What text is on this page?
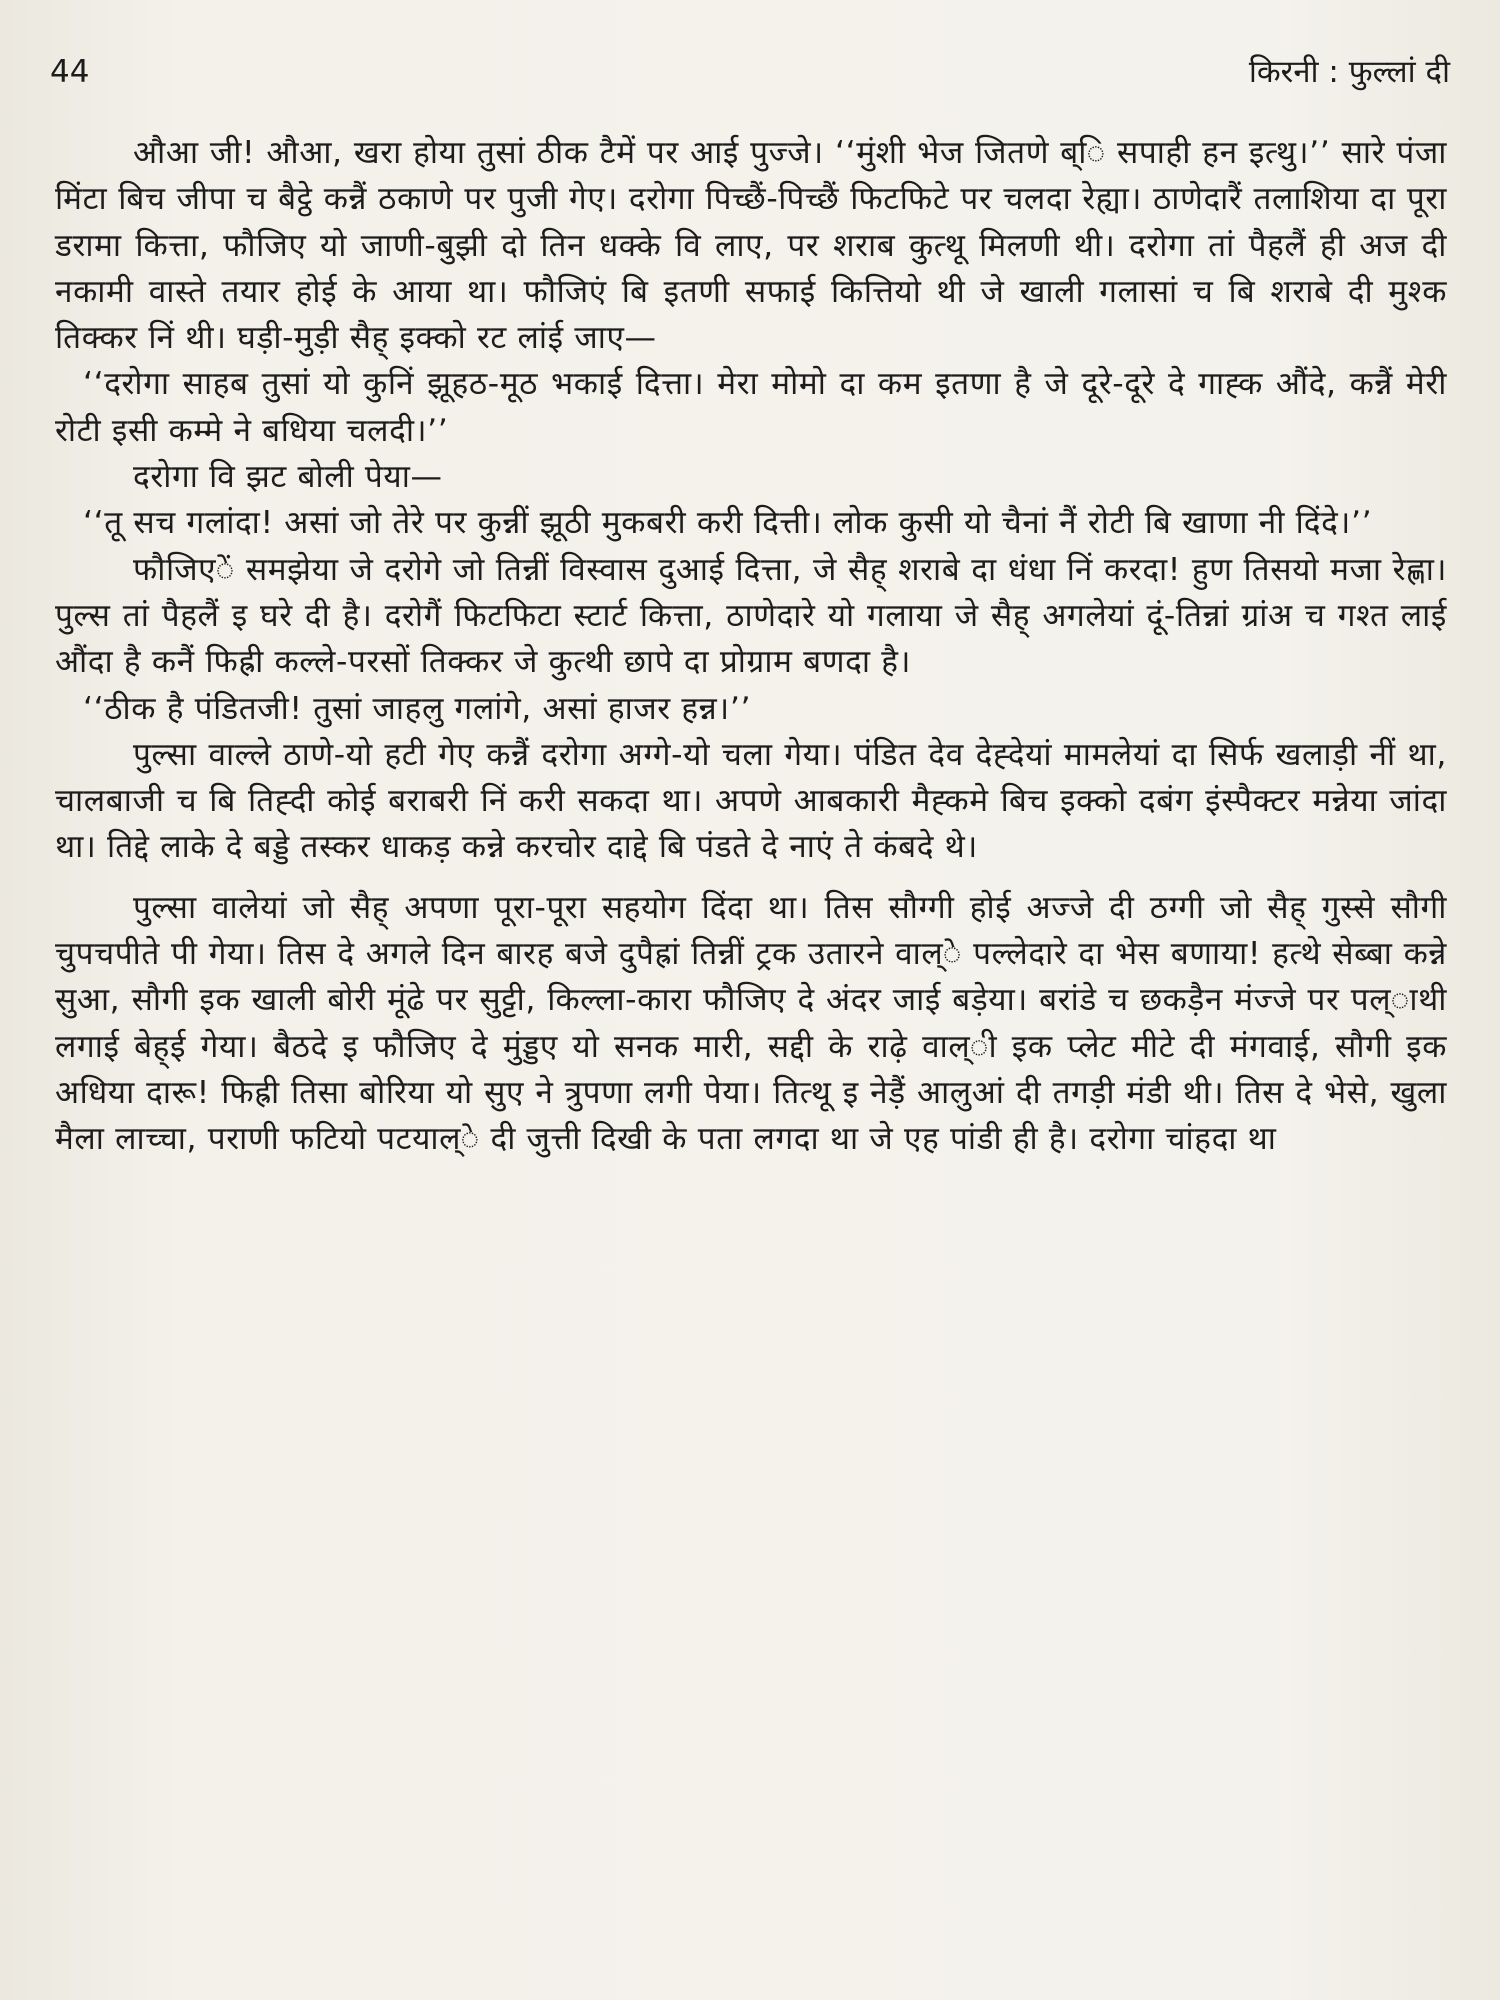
44	किरनी : फुल्लां दी

औआ जी! औआ, खरा होया तुसां ठीक टैमें पर आई पुज्जे। ‘‘मुंशी भेज जितणे ब्ि सपाही हन इत्थु।’’ सारे पंजा मिंटा बिच जीपा च बैट्ठे कन्नैं ठकाणे पर पुजी गेए। दरोगा पिच्छैं-पिच्छैं फिटफिटे पर चलदा रेह्या। ठाणेदारैं तलाशिया दा पूरा डरामा कित्ता, फौजिए यो जाणी-बुझी दो तिन धक्के वि लाए, पर शराब कुत्थू मिलणी थी। दरोगा तां पैहलैं ही अज दी नकामी वास्ते तयार होई के आया था। फौजिएं बि इतणी सफाई कित्तियो थी जे खाली गलासां च बि शराबे दी मुश्क तिक्कर निं थी। घड़ी-मुड़ी सैह् इक्को रट लांई जाए—

‘‘दरोगा साहब तुसां यो कुनिं झूहठ-मूठ भकाई दित्ता। मेरा मोमो दा कम इतणा है जे दूरे-दूरे दे गाह्क औंदे, कन्नैं मेरी रोटी इसी कम्मे ने बधिया चलदी।’’

दरोगा वि झट बोली पेया—

‘‘तू सच गलांदा! असां जो तेरे पर कुन्नीं झूठी मुकबरी करी दित्ती। लोक कुसी यो चैनां नैं रोटी बि खाणा नी दिंदे।’’

फौजिएें समझेया जे दरोगे जो तिन्नीं विस्वास दुआई दित्ता, जे सैह् शराबे दा धंधा निं करदा! हुण तिसयो मजा रेह्णा। पुल्स तां पैहलैं इ घरे दी है। दरोगैं फिटफिटा स्टार्ट कित्ता, ठाणेदारे यो गलाया जे सैह् अगलेयां दूं-तिन्नां ग्रांअ च गश्त लाई औंदा है कनैं फिह्री कल्ले-परसों तिक्कर जे कुत्थी छापे दा प्रोग्राम बणदा है।

‘‘ठीक है पंडितजी! तुसां जाहलु गलांगे, असां हाजर हन्न।’’

पुल्सा वाल्ले ठाणे-यो हटी गेए कन्नैं दरोगा अग्गे-यो चला गेया। पंडित देव देह्देयां मामलेयां दा सिर्फ खलाड़ी नीं था, चालबाजी च बि तिह्दी कोई बराबरी निं करी सकदा था। अपणे आबकारी मैह्कमे बिच इक्को दबंग इंस्पैक्टर मन्नेया जांदा था। तिद्दे लाके दे बड्डे तस्कर धाकड़ कन्ने करचोर दाद्दे बि पंडते दे नाएं ते कंबदे थे।

पुल्सा वालेयां जो सैह् अपणा पूरा-पूरा सहयोग दिंदा था। तिस सौग्गी होई अज्जे दी ठग्गी जो सैह् गुस्से सौगी चुपचपीते पी गेया। तिस दे अगले दिन बारह बजे दुपैह्रां तिन्नीं ट्रक उतारने वाल्े पल्लेदारे दा भेस बणाया! हत्थे सेब्बा कन्ने सुआ, सौगी इक खाली बोरी मूंढे पर सुट्टी, किल्ला-कारा फौजिए दे अंदर जाई बड़ेया। बरांडे च छकड़ैन मंज्जे पर पल्ाथी लगाई बेह्ई गेया। बैठदे इ फौजिए दे मुंड्डए यो सनक मारी, सद्दी के राढ़े वाल्ी इक प्लेट मीटे दी मंगवाई, सौगी इक अधिया दारू! फिह्री तिसा बोरिया यो सुए ने त्रुपणा लगी पेया। तित्थू इ नेड़ैं आलुआं दी तगड़ी मंडी थी। तिस दे भेसे, खुला मैला लाच्चा, पराणी फटियो पटयाल्े दी जुत्ती दिखी के पता लगदा था जे एह पांडी ही है। दरोगा चांहदा था
